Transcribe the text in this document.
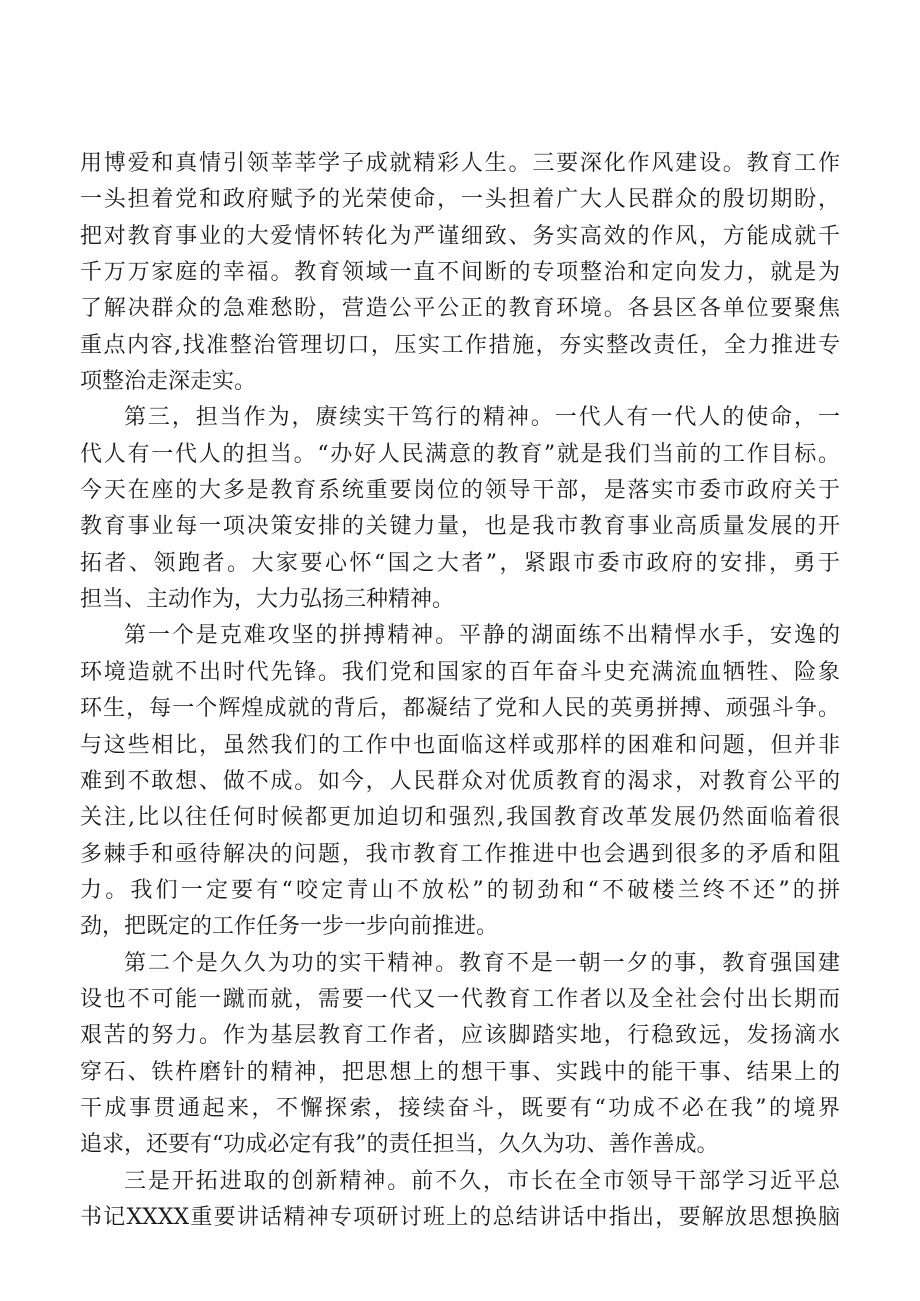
用博爱和真情引领莘莘学子成就精彩人生。三要深化作风建设。教育工作
一头担着党和政府赋予的光荣使命，一头担着广大人民群众的殷切期盼，
把对教育事业的大爱情怀转化为严谨细致、务实高效的作风，方能成就千
千万万家庭的幸福。教育领域一直不间断的专项整治和定向发力，就是为
了解决群众的急难愁盼，营造公平公正的教育环境。各县区各单位要聚焦
重点内容,找准整治管理切口，压实工作措施，夯实整改责任，全力推进专
项整治走深走实。
第三，担当作为，赓续实干笃行的精神。一代人有一代人的使命，一
代人有一代人的担当。“办好人民满意的教育”就是我们当前的工作目标。
今天在座的大多是教育系统重要岗位的领导干部，是落实市委市政府关于
教育事业每一项决策安排的关键力量，也是我市教育事业高质量发展的开
拓者、领跑者。大家要心怀“国之大者”，紧跟市委市政府的安排，勇于
担当、主动作为，大力弘扬三种精神。
第一个是克难攻坚的拼搏精神。平静的湖面练不出精悍水手，安逸的
环境造就不出时代先锋。我们党和国家的百年奋斗史充满流血牺牲、险象
环生，每一个辉煌成就的背后，都凝结了党和人民的英勇拼搏、顽强斗争。
与这些相比，虽然我们的工作中也面临这样或那样的困难和问题，但并非
难到不敢想、做不成。如今，人民群众对优质教育的渴求，对教育公平的
关注,比以往任何时候都更加迫切和强烈,我国教育改革发展仍然面临着很
多棘手和亟待解决的问题，我市教育工作推进中也会遇到很多的矛盾和阻
力。我们一定要有“咬定青山不放松”的韧劲和“不破楼兰终不还”的拼
劲，把既定的工作任务一步一步向前推进。
第二个是久久为功的实干精神。教育不是一朝一夕的事，教育强国建
设也不可能一蹴而就，需要一代又一代教育工作者以及全社会付出长期而
艰苦的努力。作为基层教育工作者，应该脚踏实地，行稳致远，发扬滴水
穿石、铁杵磨针的精神，把思想上的想干事、实践中的能干事、结果上的
干成事贯通起来，不懈探索，接续奋斗，既要有“功成不必在我”的境界
追求，还要有“功成必定有我”的责任担当，久久为功、善作善成。
三是开拓进取的创新精神。前不久，市长在全市领导干部学习近平总
书记XXXX重要讲话精神专项研讨班上的总结讲话中指出，要解放思想换脑
